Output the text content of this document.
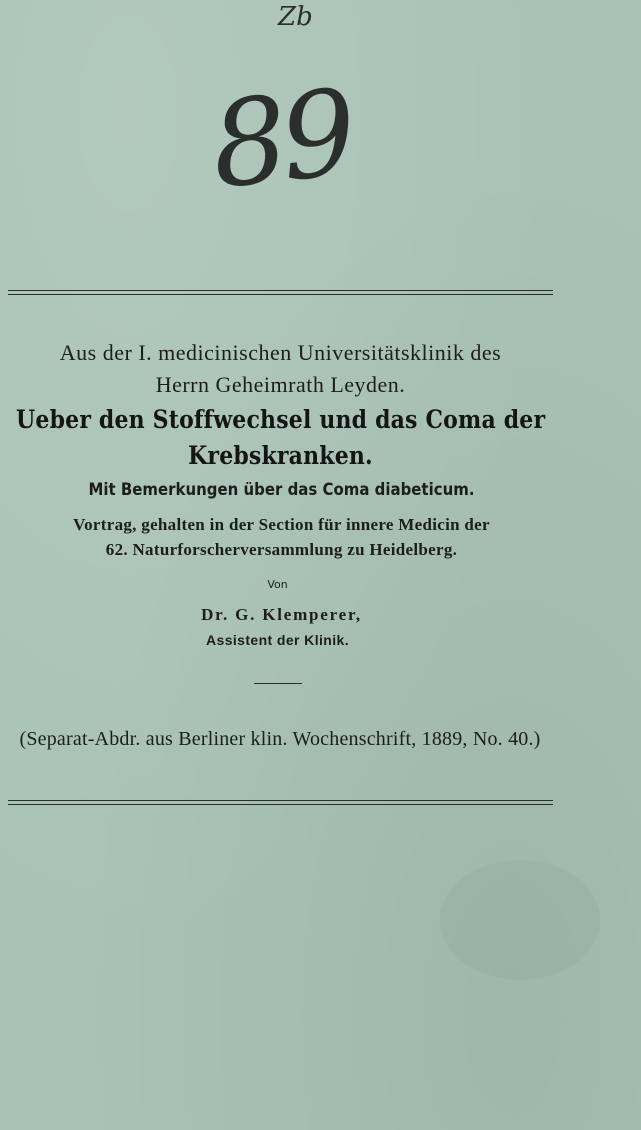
Zb
89
Aus der I. medicinischen Universitätsklinik des
Herrn Geheimrath Leyden.
Ueber den Stoffwechsel und das Coma der
Krebskranken.
Mit Bemerkungen über das Coma diabeticum.
Vortrag, gehalten in der Section für innere Medicin der
62. Naturforscherversammlung zu Heidelberg.
Von
Dr. G. Klemperer,
Assistent der Klinik.
(Separat-Abdr. aus Berliner klin. Wochenschrift, 1889, No. 40.)
